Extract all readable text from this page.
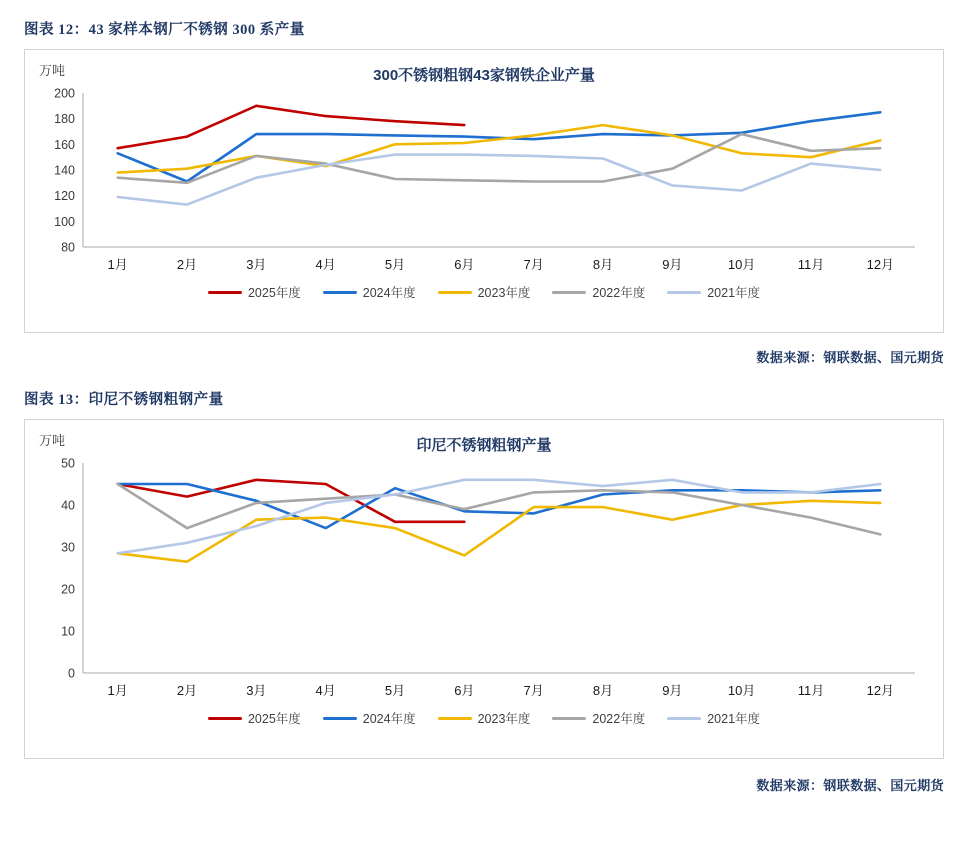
图表 12：43 家样本钢厂不锈钢 300 系产量
万吨	300不锈钢粗钢43家钢铁企业产量
80
100
120
140
160
180
200
1月	2月	3月	4月	5月	6月	7月	8月	9月	10月	11月	12月
2025年度	2024年度	2023年度	2022年度	2021年度
数据来源：钢联数据、国元期货
图表 13：印尼不锈钢粗钢产量
万吨	印尼不锈钢粗钢产量
0
10
20
30
40
50
1月	2月	3月	4月	5月	6月	7月	8月	9月	10月	11月	12月
2025年度	2024年度	2023年度	2022年度	2021年度
数据来源：钢联数据、国元期货
